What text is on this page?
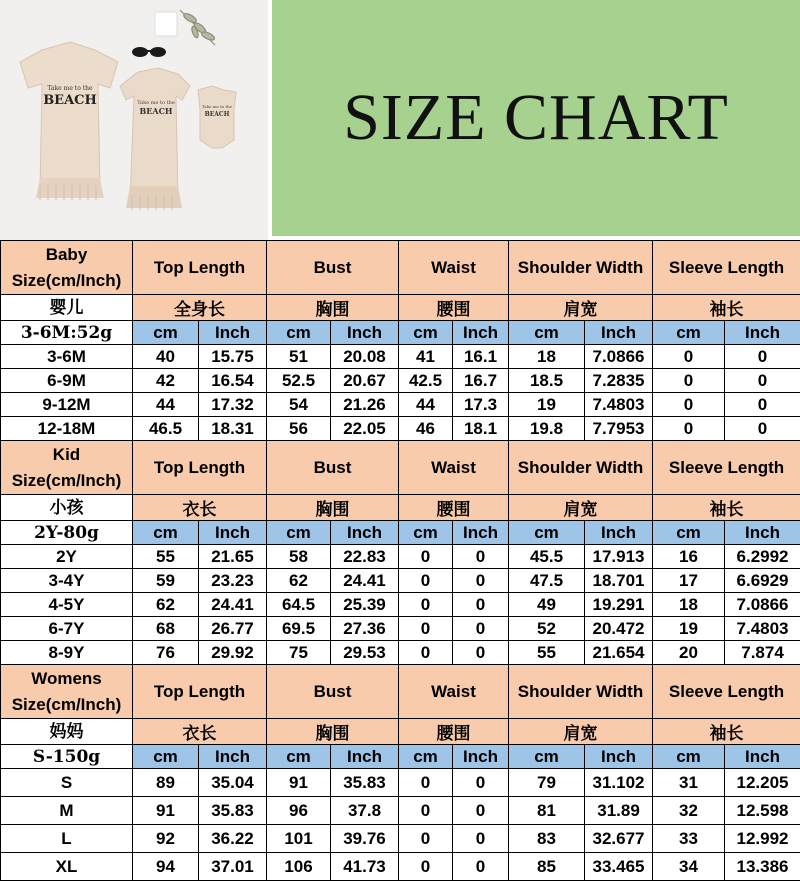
Take me to the
BEACH	Take me to the
BEACH	Take me to the
BEACH SIZE CHART
Baby
Size(cm/Inch)	Top Length		Bust		Waist		Shoulder Width		Sleeve Length	
婴儿	全身长		胸围		腰围		肩宽		袖长	
3-6M:52g	cm	Inch	cm	Inch	cm	Inch	cm	Inch	cm	Inch
3-6M	40	15.75	51	20.08	41	16.1	18	7.0866	0	0
6-9M	42	16.54	52.5	20.67	42.5	16.7	18.5	7.2835	0	0
9-12M	44	17.32	54	21.26	44	17.3	19	7.4803	0	0
12-18M	46.5	18.31	56	22.05	46	18.1	19.8	7.7953	0	0

Kid
Size(cm/Inch)	Top Length		Bust		Waist		Shoulder Width		Sleeve Length	
小孩	衣长		胸围		腰围		肩宽		袖长	
2Y-80g	cm	Inch	cm	Inch	cm	Inch	cm	Inch	cm	Inch
2Y	55	21.65	58	22.83	0	0	45.5	17.913	16	6.2992
3-4Y	59	23.23	62	24.41	0	0	47.5	18.701	17	6.6929
4-5Y	62	24.41	64.5	25.39	0	0	49	19.291	18	7.0866
6-7Y	68	26.77	69.5	27.36	0	0	52	20.472	19	7.4803
8-9Y	76	29.92	75	29.53	0	0	55	21.654	20	7.874

Womens
Size(cm/Inch)	Top Length		Bust		Waist		Shoulder Width		Sleeve Length	
妈妈	衣长		胸围		腰围		肩宽		袖长	
S-150g	cm	Inch	cm	Inch	cm	Inch	cm	Inch	cm	Inch
S	89	35.04	91	35.83	0	0	79	31.102	31	12.205
M	91	35.83	96	37.8	0	0	81	31.89	32	12.598
L	92	36.22	101	39.76	0	0	83	32.677	33	12.992
XL	94	37.01	106	41.73	0	0	85	33.465	34	13.386
